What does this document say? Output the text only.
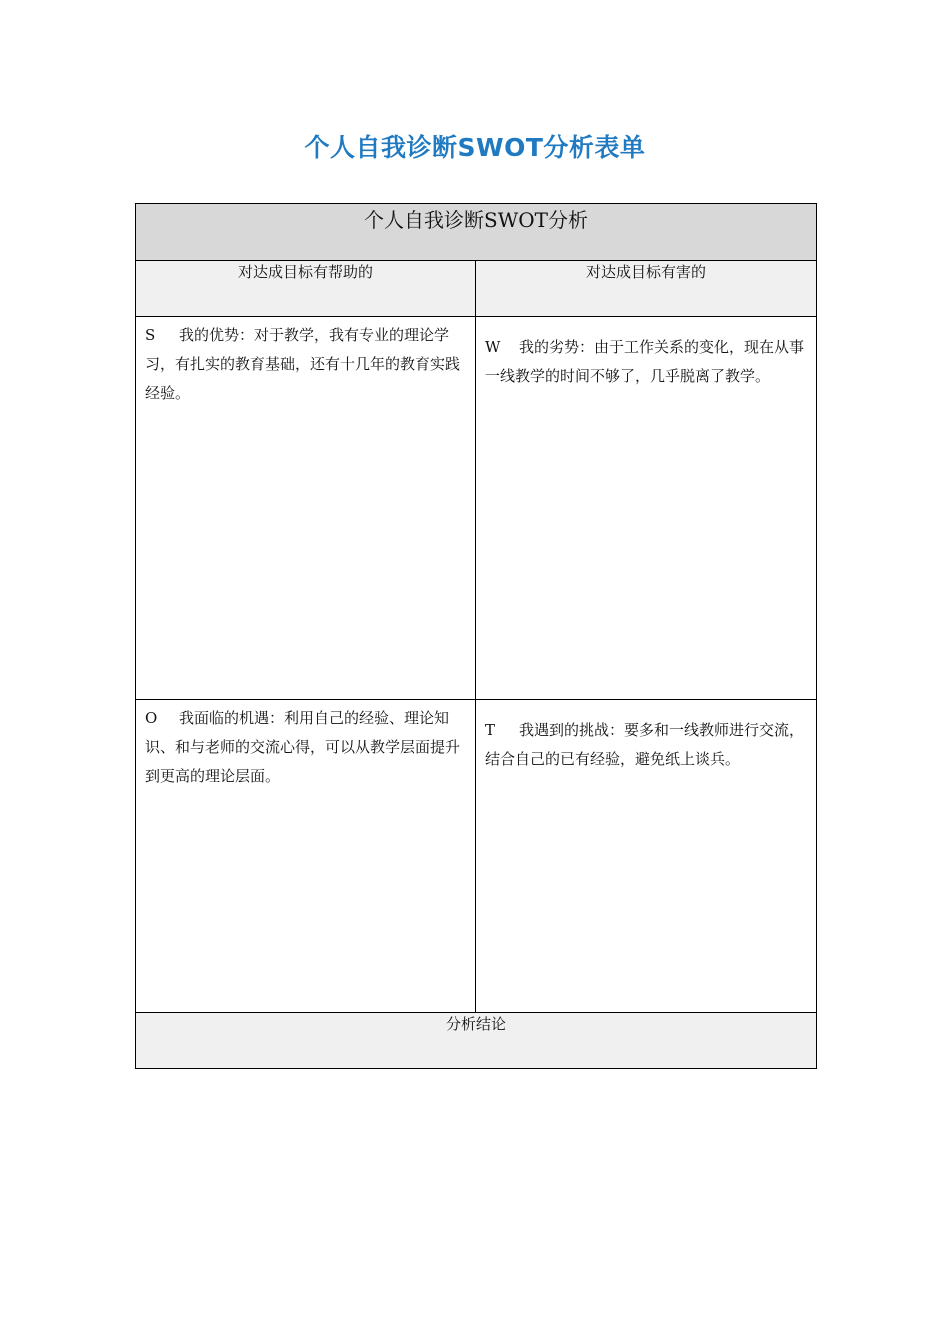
个人自我诊断SWOT分析表单
个人自我诊断SWOT分析	
对达成目标有帮助的	对达成目标有害的

S 我的优势：对于教学，我有专业的理论学习，有扎实的教育基础，还有十几年的教育实践经验。	W 我的劣势：由于工作关系的变化，现在从事一线教学的时间不够了，几乎脱离了教学。

O 我面临的机遇：利用自己的经验、理论知识、和与老师的交流心得，可以从教学层面提升到更高的理论层面。	T 我遇到的挑战：要多和一线教师进行交流，结合自己的已有经验，避免纸上谈兵。

分析结论	
